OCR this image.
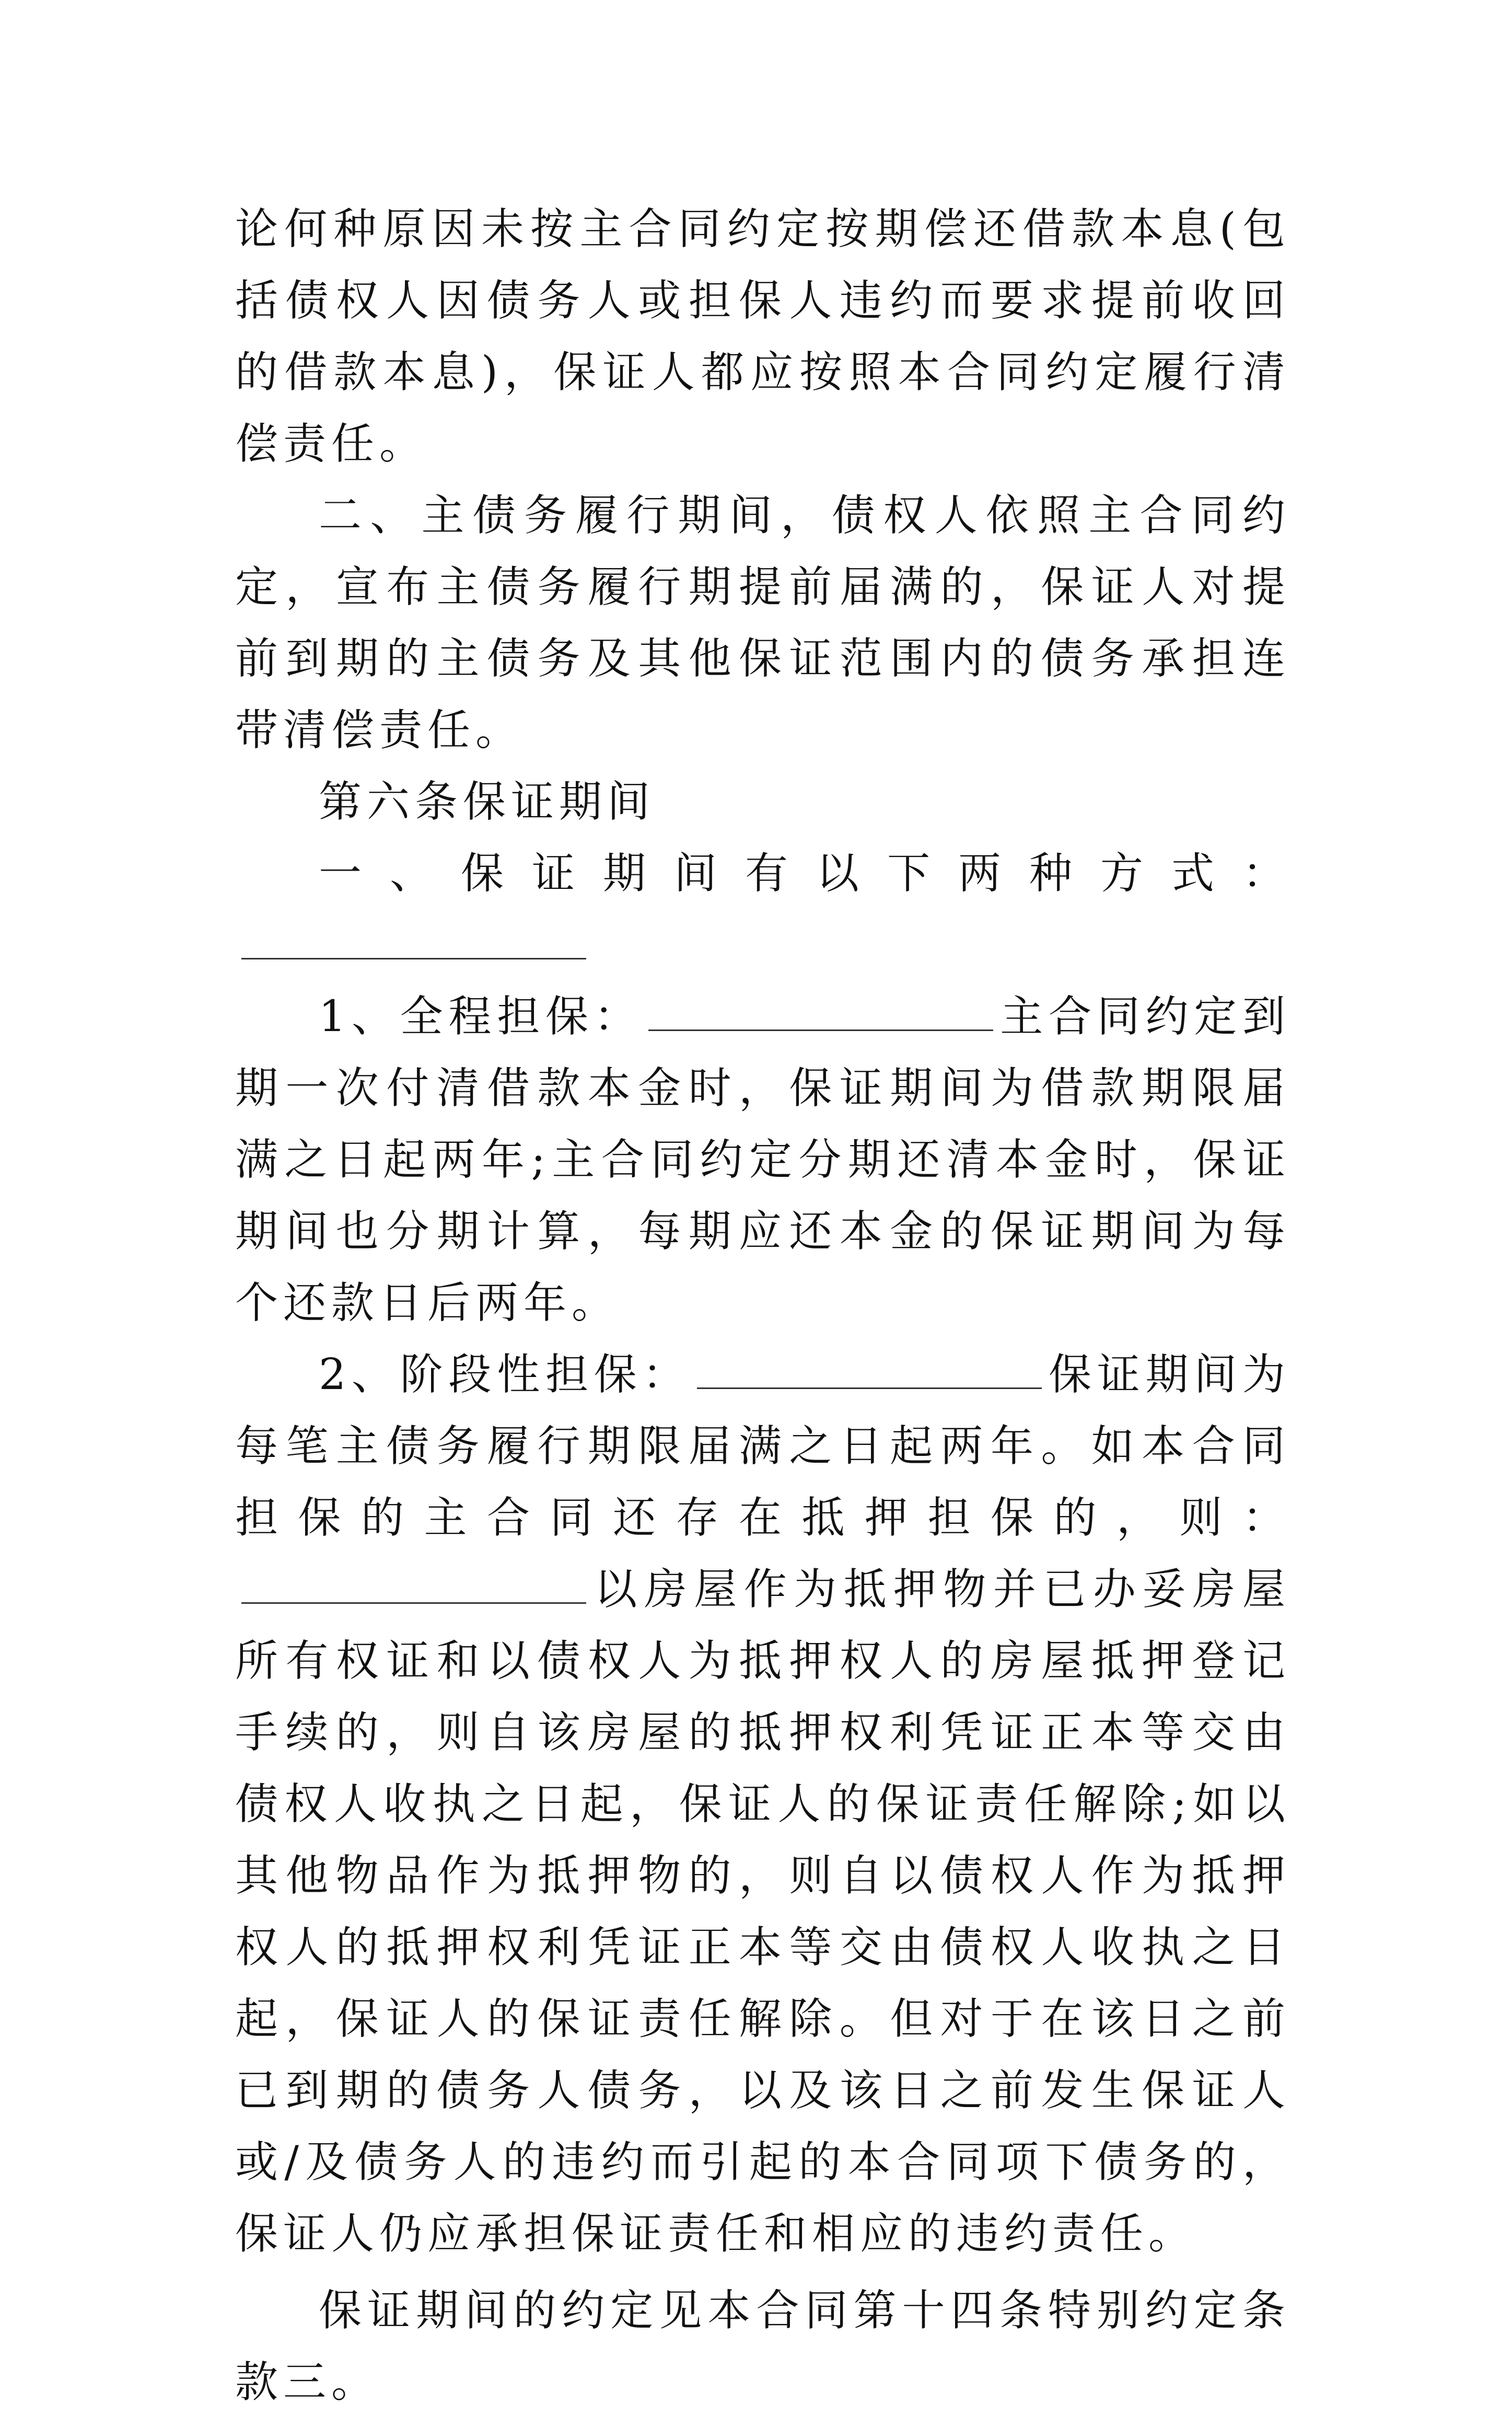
论何种原因未按主合同约定按期偿还借款本息(包括债权人因债务人或担保人违约而要求提前收回的借款本息)，保证人都应按照本合同约定履行清偿责任。

二、主债务履行期间，债权人依照主合同约定，宣布主债务履行期提前届满的，保证人对提前到期的主债务及其他保证范围内的债务承担连带清偿责任。

第六条保证期间

一、保证期间有以下两种方式：

1、全程担保：	主合同约定到期一次付清借款本金时，保证期间为借款期限届满之日起两年;主合同约定分期还清本金时，保证期间也分期计算，每期应还本金的保证期间为每个还款日后两年。

2、阶段性担保：	保证期间为每笔主债务履行期限届满之日起两年。如本合同担保的主合同还存在抵押担保的，则：以房屋作为抵押物并已办妥房屋所有权证和以债权人为抵押权人的房屋抵押登记手续的，则自该房屋的抵押权利凭证正本等交由债权人收执之日起，保证人的保证责任解除;如以其他物品作为抵押物的，则自以债权人作为抵押权人的抵押权利凭证正本等交由债权人收执之日起，保证人的保证责任解除。但对于在该日之前已到期的债务人债务，以及该日之前发生保证人或/及债务人的违约而引起的本合同项下债务的，保证人仍应承担保证责任和相应的违约责任。

保证期间的约定见本合同第十四条特别约定条款三。
